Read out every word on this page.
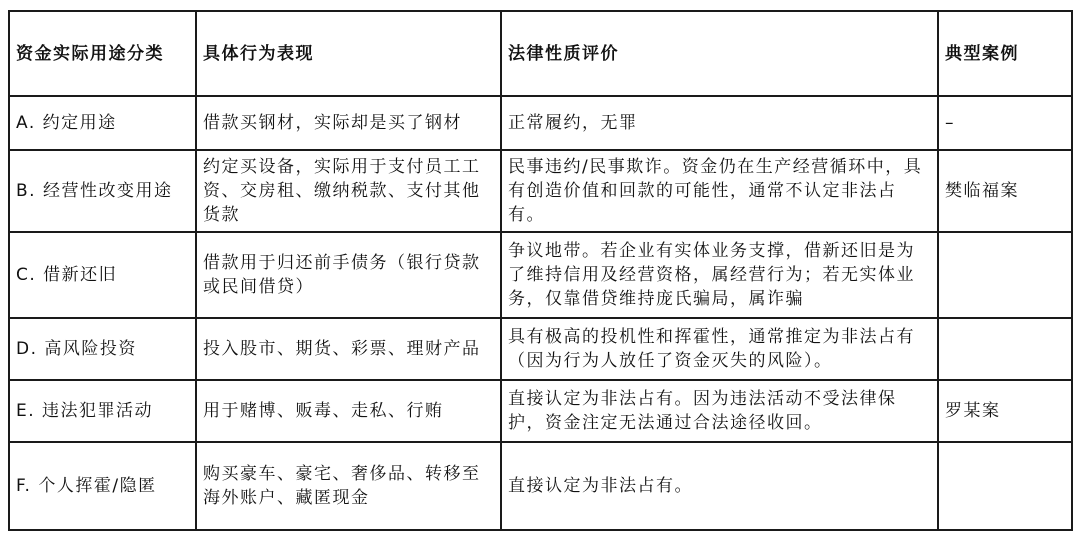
资金实际用途分类	具体行为表现	法律性质评价	典型案例
A. 约定用途	借款买钢材，实际却是买了钢材	正常履约，无罪	–
B. 经营性改变用途	约定买设备，实际用于支付员工工资、交房租、缴纳税款、支付其他货款	民事违约/民事欺诈。资金仍在生产经营循环中，具有创造价值和回款的可能性，通常不认定非法占有。	樊临福案
C. 借新还旧	借款用于归还前手债务（银行贷款或民间借贷）	争议地带。若企业有实体业务支撑，借新还旧是为了维持信用及经营资格，属经营行为；若无实体业务，仅靠借贷维持庞氏骗局，属诈骗	
D. 高风险投资	投入股市、期货、彩票、理财产品	具有极高的投机性和挥霍性，通常推定为非法占有（因为行为人放任了资金灭失的风险）。	
E. 违法犯罪活动	用于赌博、贩毒、走私、行贿	直接认定为非法占有。因为违法活动不受法律保护，资金注定无法通过合法途径收回。	罗某案
F. 个人挥霍/隐匿	购买豪车、豪宅、奢侈品、转移至海外账户、藏匿现金	直接认定为非法占有。	
